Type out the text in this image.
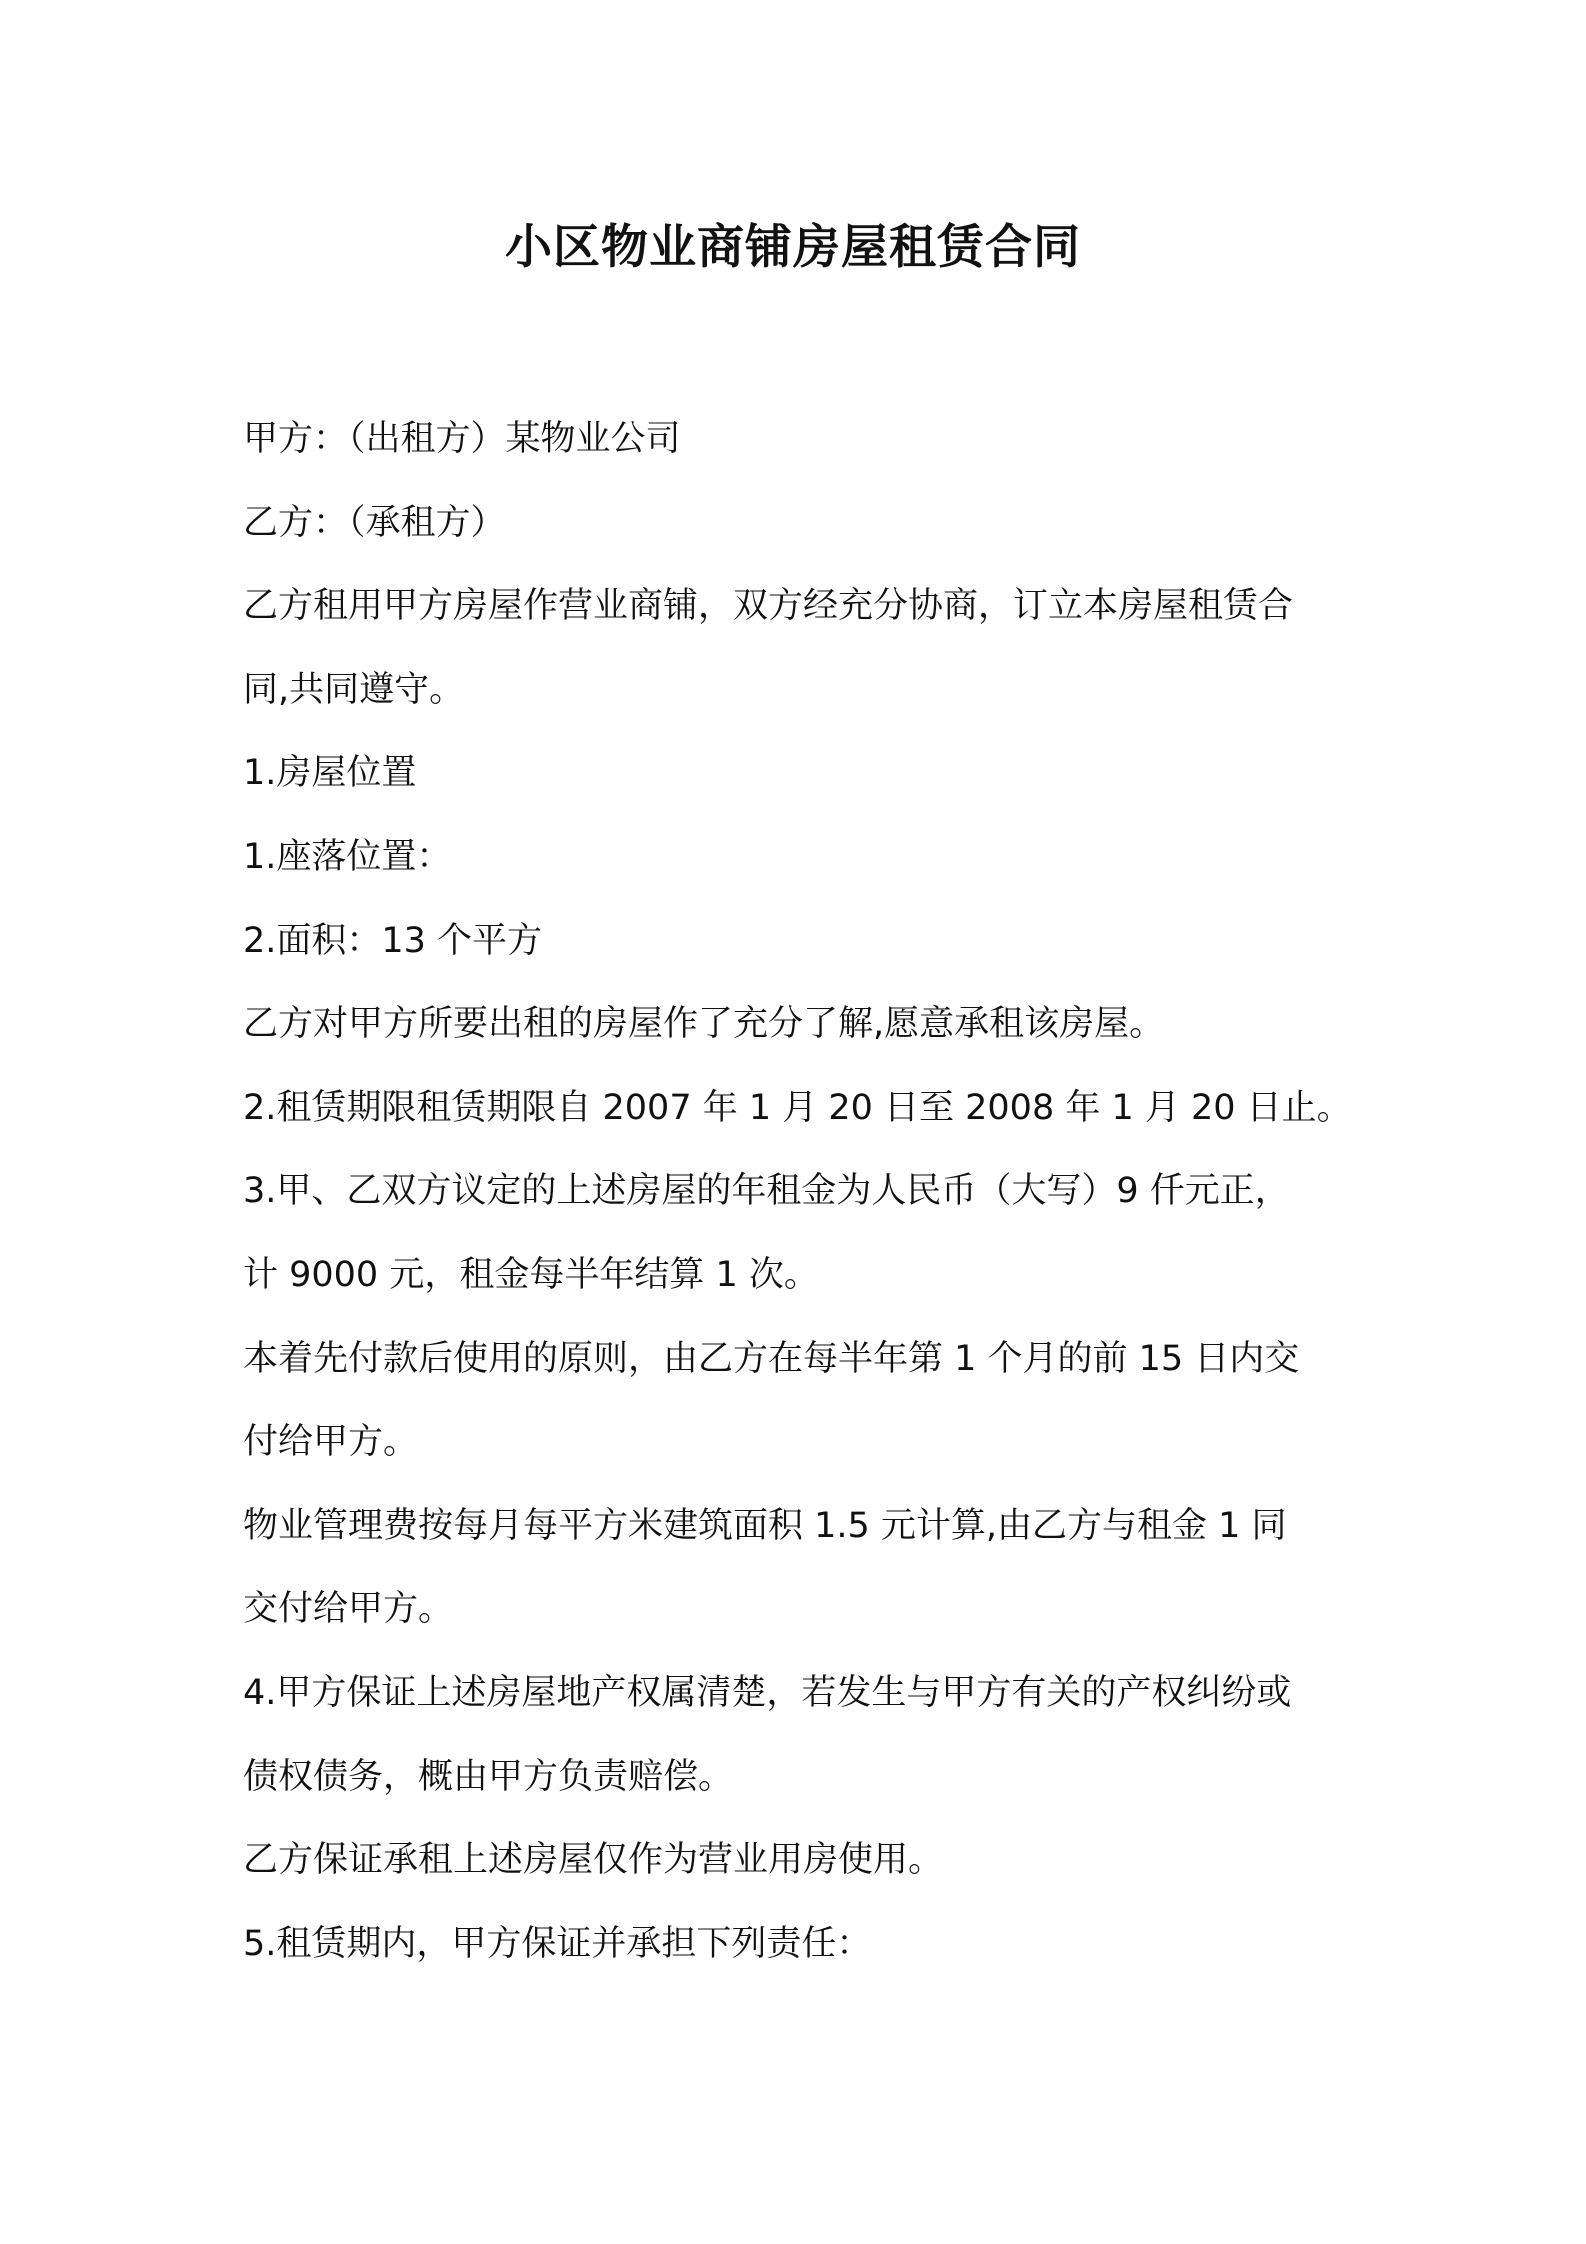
小区物业商铺房屋租赁合同

甲方：（出租方）某物业公司

乙方：（承租方）

乙方租用甲方房屋作营业商铺，双方经充分协商，订立本房屋租赁合

同,共同遵守。

1.房屋位置

1.座落位置：

2.面积：13 个平方

乙方对甲方所要出租的房屋作了充分了解,愿意承租该房屋。

2.租赁期限租赁期限自 2007 年 1 月 20 日至 2008 年 1 月 20 日止。

3.甲、乙双方议定的上述房屋的年租金为人民币（大写）9 仟元正，

计 9000 元，租金每半年结算 1 次。

本着先付款后使用的原则，由乙方在每半年第 1 个月的前 15 日内交

付给甲方。

物业管理费按每月每平方米建筑面积 1.5 元计算,由乙方与租金 1 同

交付给甲方。

4.甲方保证上述房屋地产权属清楚，若发生与甲方有关的产权纠纷或

债权债务，概由甲方负责赔偿。

乙方保证承租上述房屋仅作为营业用房使用。

5.租赁期内，甲方保证并承担下列责任：
